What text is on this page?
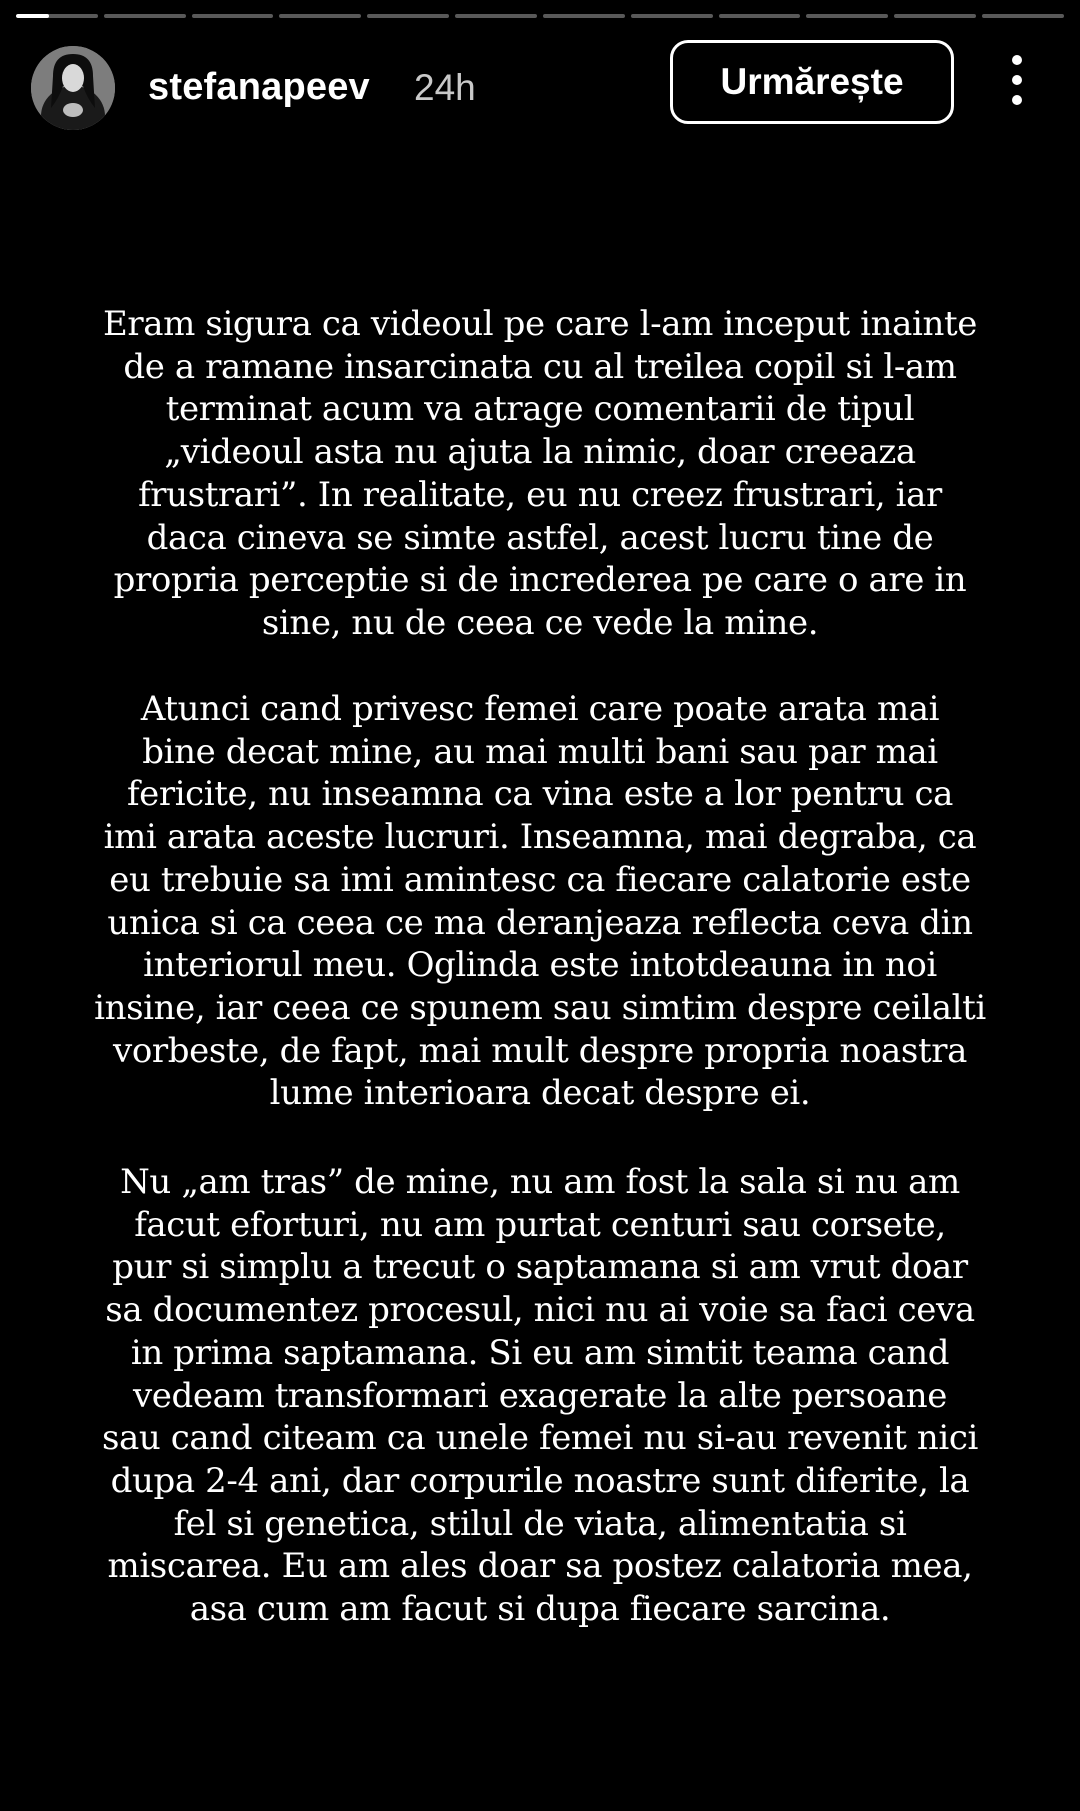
stefanapeev 24h	Urmărește
Eram sigura ca videoul pe care l-am inceput inainte
de a ramane insarcinata cu al treilea copil si l-am
terminat acum va atrage comentarii de tipul
„videoul asta nu ajuta la nimic, doar creeaza
frustrari”. In realitate, eu nu creez frustrari, iar
daca cineva se simte astfel, acest lucru tine de
propria perceptie si de increderea pe care o are in
sine, nu de ceea ce vede la mine.
Atunci cand privesc femei care poate arata mai
bine decat mine, au mai multi bani sau par mai
fericite, nu inseamna ca vina este a lor pentru ca
imi arata aceste lucruri. Inseamna, mai degraba, ca
eu trebuie sa imi amintesc ca fiecare calatorie este
unica si ca ceea ce ma deranjeaza reflecta ceva din
interiorul meu. Oglinda este intotdeauna in noi
insine, iar ceea ce spunem sau simtim despre ceilalti
vorbeste, de fapt, mai mult despre propria noastra
lume interioara decat despre ei.
Nu „am tras” de mine, nu am fost la sala si nu am
facut eforturi, nu am purtat centuri sau corsete,
pur si simplu a trecut o saptamana si am vrut doar
sa documentez procesul, nici nu ai voie sa faci ceva
in prima saptamana. Si eu am simtit teama cand
vedeam transformari exagerate la alte persoane
sau cand citeam ca unele femei nu si-au revenit nici
dupa 2-4 ani, dar corpurile noastre sunt diferite, la
fel si genetica, stilul de viata, alimentatia si
miscarea. Eu am ales doar sa postez calatoria mea,
asa cum am facut si dupa fiecare sarcina.
